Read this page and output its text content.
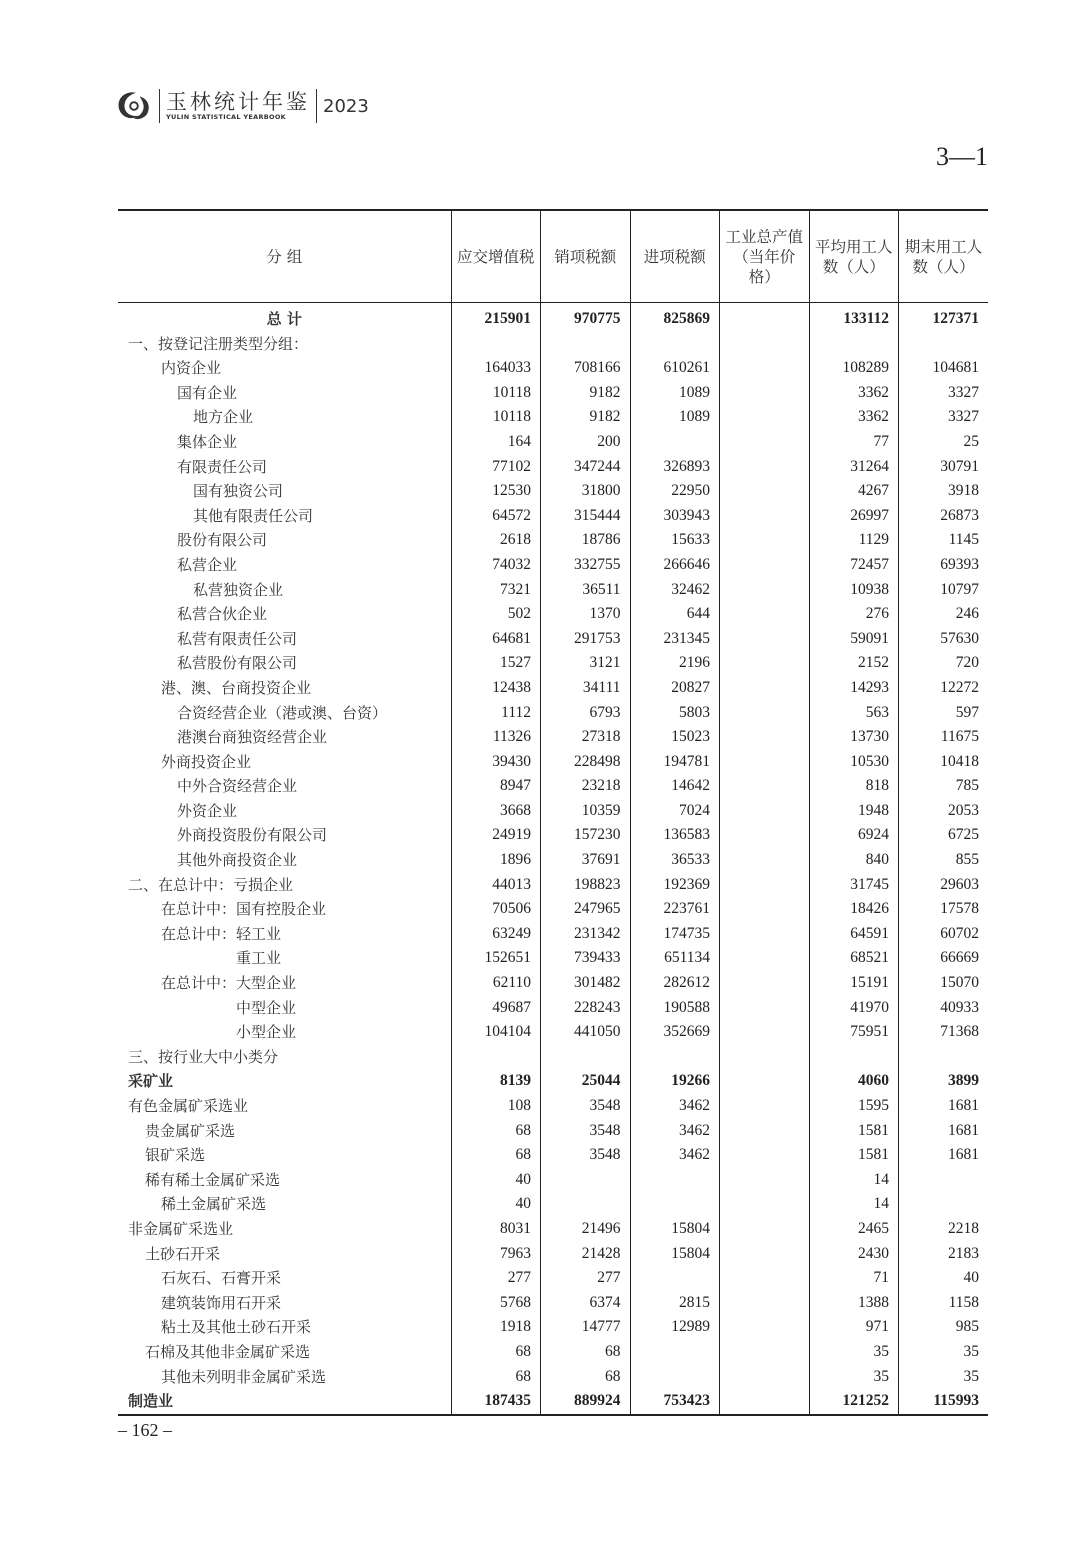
玉林统计年鉴
YULIN STATISTICAL YEARBOOK
2023
3—1
分 组	应交增值税	销项税额	进项税额	工业总产值（当年价格）	平均用工人数（人）	期末用工人数（人）
总 计	215901	970775	825869		133112	127371
一、按登记注册类型分组：						
内资企业	164033	708166	610261		108289	104681
国有企业	10118	9182	1089		3362	3327
地方企业	10118	9182	1089		3362	3327
集体企业	164	200			77	25
有限责任公司	77102	347244	326893		31264	30791
国有独资公司	12530	31800	22950		4267	3918
其他有限责任公司	64572	315444	303943		26997	26873
股份有限公司	2618	18786	15633		1129	1145
私营企业	74032	332755	266646		72457	69393
私营独资企业	7321	36511	32462		10938	10797
私营合伙企业	502	1370	644		276	246
私营有限责任公司	64681	291753	231345		59091	57630
私营股份有限公司	1527	3121	2196		2152	720
港、澳、台商投资企业	12438	34111	20827		14293	12272
合资经营企业（港或澳、台资）	1112	6793	5803		563	597
港澳台商独资经营企业	11326	27318	15023		13730	11675
外商投资企业	39430	228498	194781		10530	10418
中外合资经营企业	8947	23218	14642		818	785
外资企业	3668	10359	7024		1948	2053
外商投资股份有限公司	24919	157230	136583		6924	6725
其他外商投资企业	1896	37691	36533		840	855
二、在总计中：亏损企业	44013	198823	192369		31745	29603
在总计中：国有控股企业	70506	247965	223761		18426	17578
在总计中：轻工业	63249	231342	174735		64591	60702
重工业	152651	739433	651134		68521	66669
在总计中：大型企业	62110	301482	282612		15191	15070
中型企业	49687	228243	190588		41970	40933
小型企业	104104	441050	352669		75951	71368
三、按行业大中小类分						
采矿业	8139	25044	19266		4060	3899
有色金属矿采选业	108	3548	3462		1595	1681
贵金属矿采选	68	3548	3462		1581	1681
银矿采选	68	3548	3462		1581	1681
稀有稀土金属矿采选	40				14	
稀土金属矿采选	40				14	
非金属矿采选业	8031	21496	15804		2465	2218
土砂石开采	7963	21428	15804		2430	2183
石灰石、石膏开采	277	277			71	40
建筑装饰用石开采	5768	6374	2815		1388	1158
粘土及其他土砂石开采	1918	14777	12989		971	985
石棉及其他非金属矿采选	68	68			35	35
其他未列明非金属矿采选	68	68			35	35
制造业	187435	889924	753423		121252	115993
– 162 –
